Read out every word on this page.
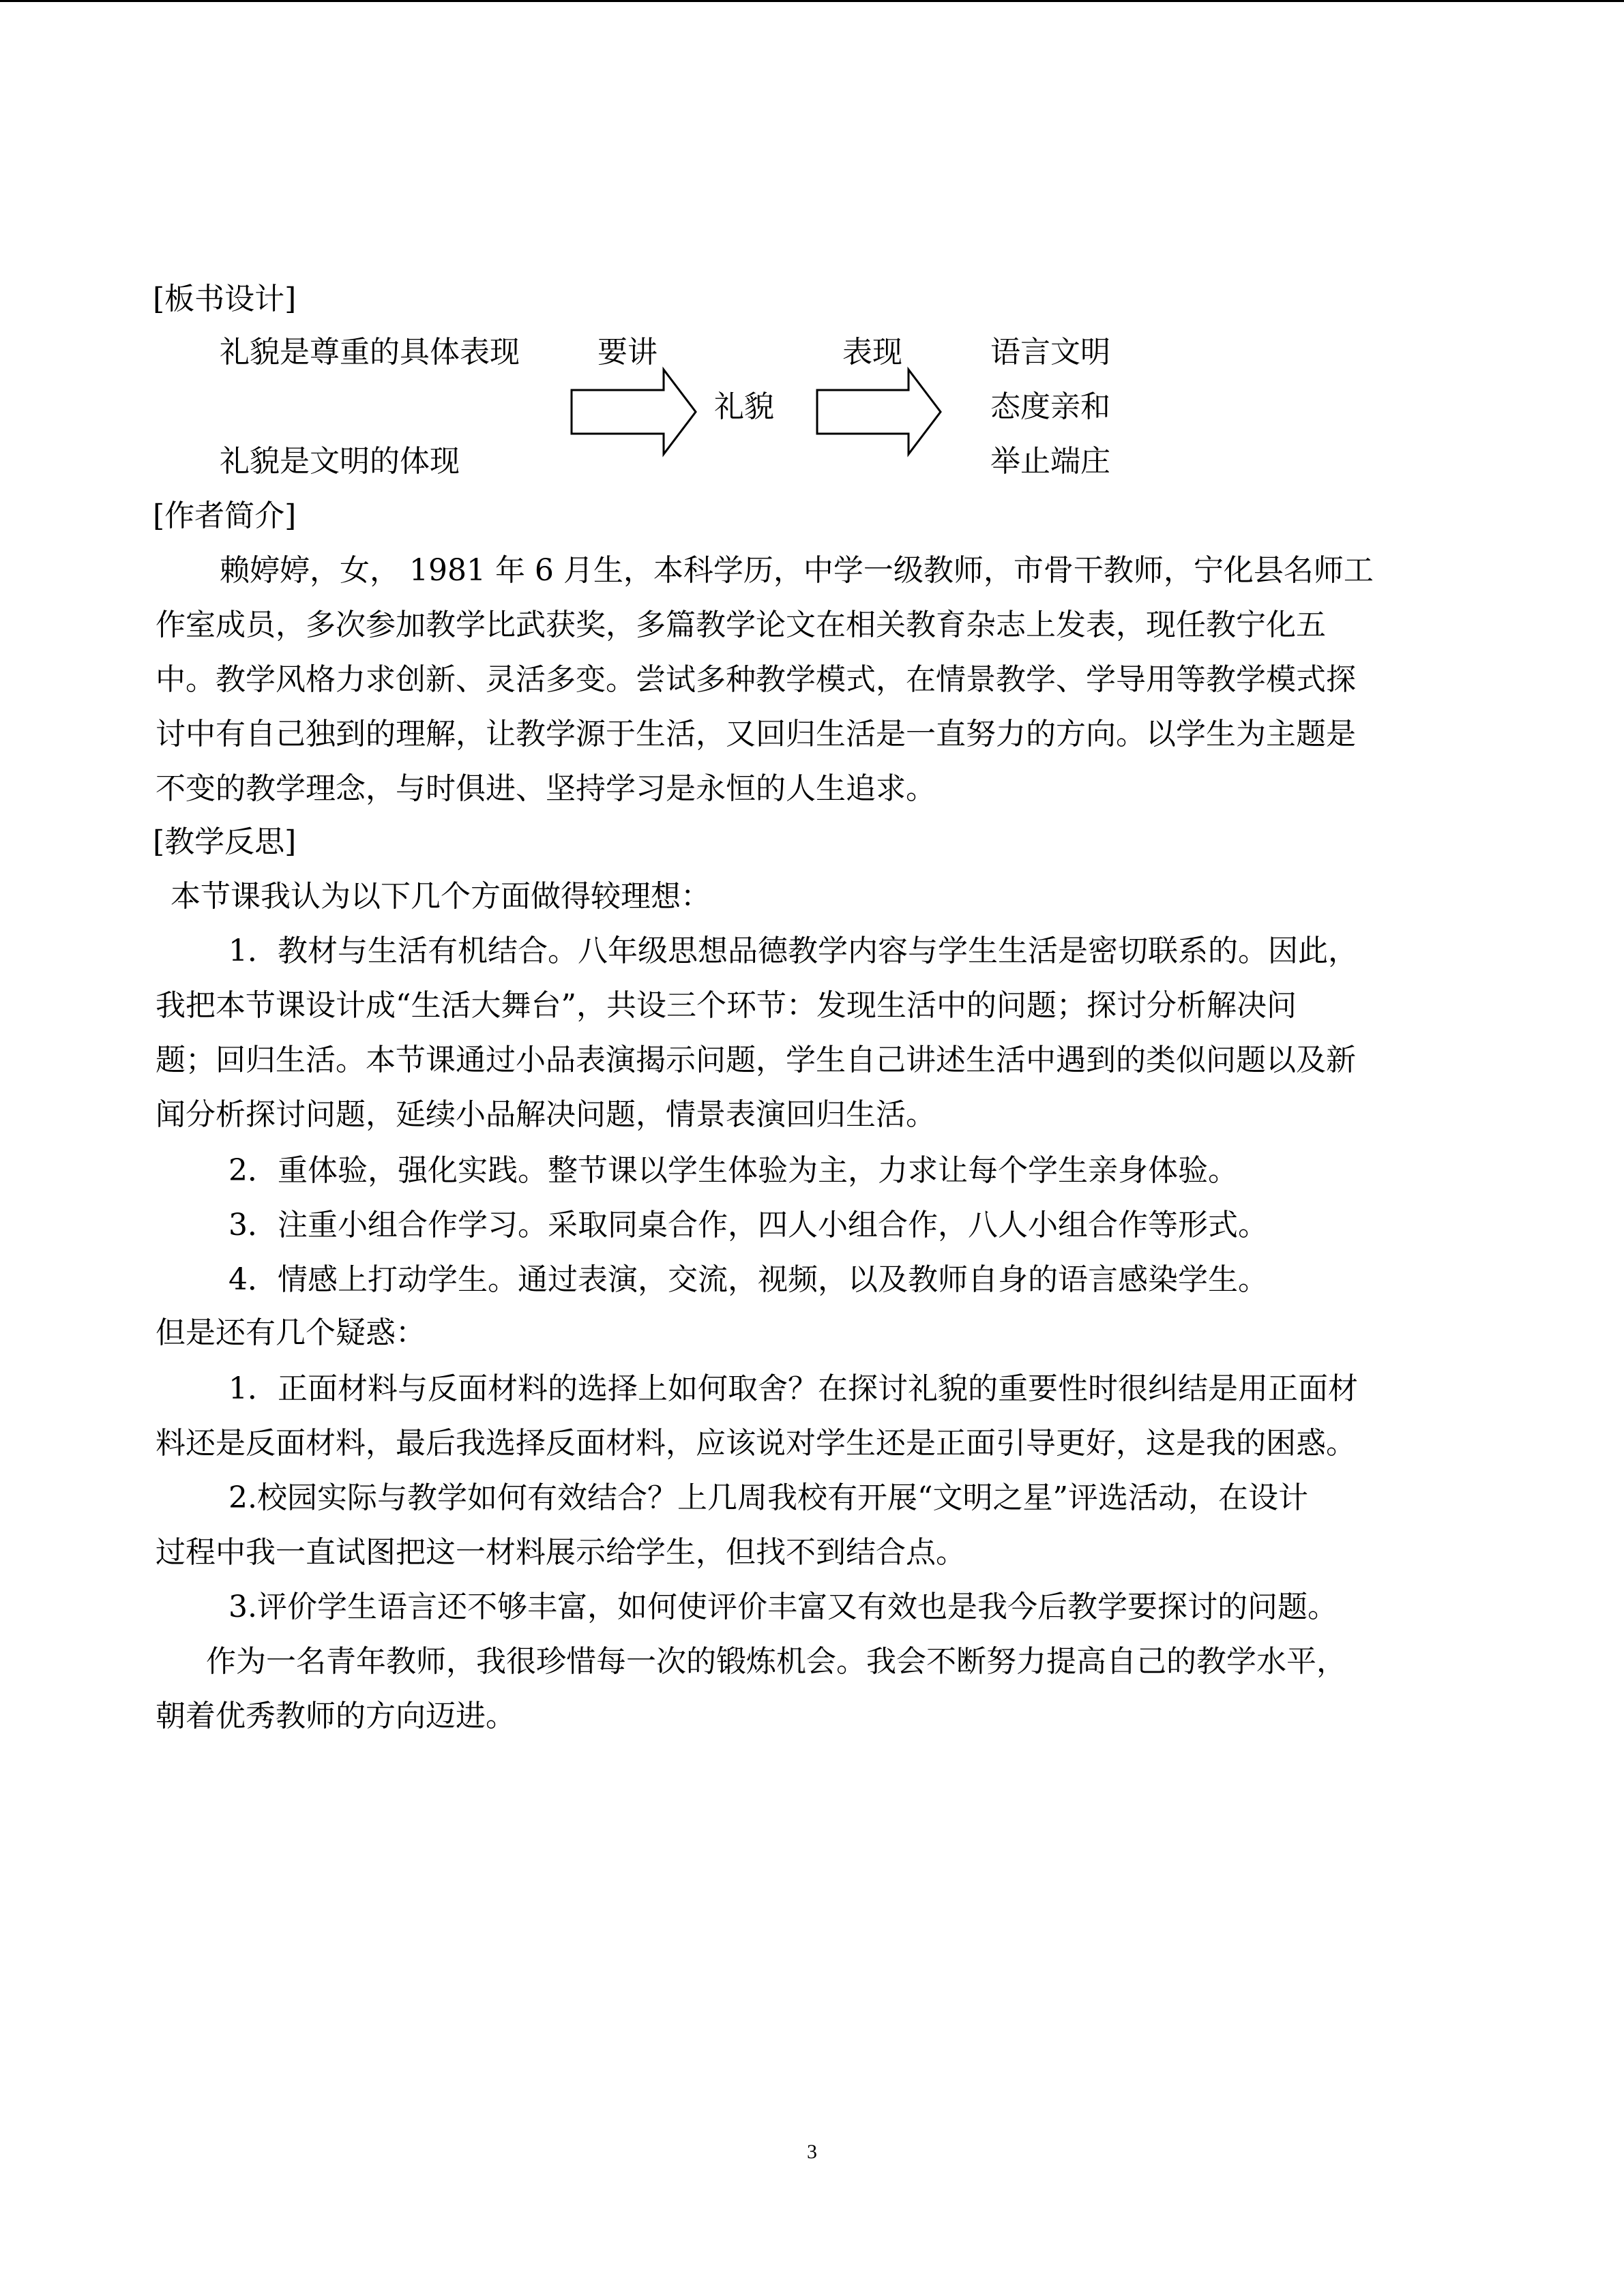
[板书设计]

礼貌是尊重的具体表现	要讲	表现	语言文明

礼貌	态度亲和

礼貌是文明的体现	举止端庄

[作者简介]

赖婷婷，女， 1981 年 6 月生，本科学历，中学一级教师，市骨干教师，宁化县名师工

作室成员，多次参加教学比武获奖，多篇教学论文在相关教育杂志上发表，现任教宁化五

中。教学风格力求创新、灵活多变。尝试多种教学模式，在情景教学、学导用等教学模式探

讨中有自己独到的理解，让教学源于生活，又回归生活是一直努力的方向。以学生为主题是

不变的教学理念，与时俱进、坚持学习是永恒的人生追求。

[教学反思]

本节课我认为以下几个方面做得较理想：

1．教材与生活有机结合。八年级思想品德教学内容与学生生活是密切联系的。因此，

我把本节课设计成“生活大舞台”，共设三个环节：发现生活中的问题；探讨分析解决问

题；回归生活。本节课通过小品表演揭示问题，学生自己讲述生活中遇到的类似问题以及新

闻分析探讨问题，延续小品解决问题，情景表演回归生活。

2．重体验，强化实践。整节课以学生体验为主，力求让每个学生亲身体验。

3．注重小组合作学习。采取同桌合作，四人小组合作，八人小组合作等形式。

4．情感上打动学生。通过表演，交流，视频，以及教师自身的语言感染学生。

但是还有几个疑惑：

1．正面材料与反面材料的选择上如何取舍？在探讨礼貌的重要性时很纠结是用正面材

料还是反面材料，最后我选择反面材料，应该说对学生还是正面引导更好，这是我的困惑。

2.校园实际与教学如何有效结合？上几周我校有开展“文明之星”评选活动，在设计

过程中我一直试图把这一材料展示给学生，但找不到结合点。

3.评价学生语言还不够丰富，如何使评价丰富又有效也是我今后教学要探讨的问题。

作为一名青年教师，我很珍惜每一次的锻炼机会。我会不断努力提高自己的教学水平，

朝着优秀教师的方向迈进。

3
